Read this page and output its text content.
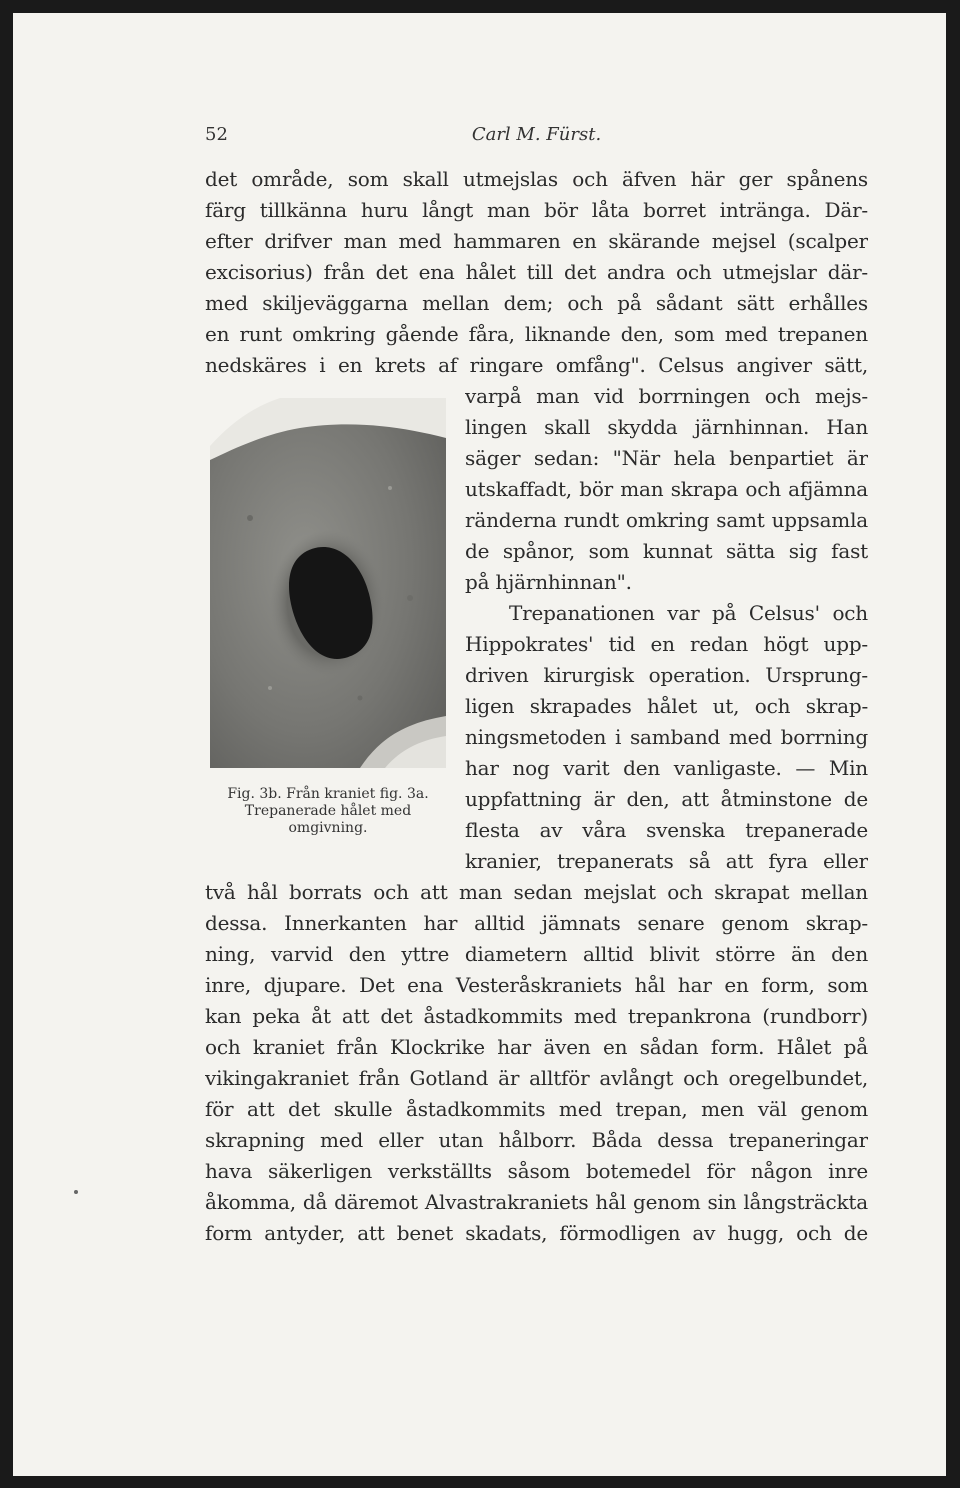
52	Carl M. Fürst.
det område, som skall utmejslas och äfven här ger spånens
färg tillkänna huru långt man bör låta borret intränga. Där-
efter drifver man med hammaren en skärande mejsel (scalper
excisorius) från det ena hålet till det andra och utmejslar där-
med skiljeväggarna mellan dem; och på sådant sätt erhålles
en runt omkring gående fåra, liknande den, som med trepanen
nedskäres i en krets af ringare omfång". Celsus angiver sätt,
Fig. 3b. Från kraniet fig. 3a.
Trepanerade hålet med
omgivning.
varpå man vid borrningen och mejs-
lingen skall skydda järnhinnan. Han
säger sedan: "När hela benpartiet är
utskaffadt, bör man skrapa och afjämna
ränderna rundt omkring samt uppsamla
de spånor, som kunnat sätta sig fast
på hjärnhinnan".
Trepanationen var på Celsus' och
Hippokrates' tid en redan högt upp-
driven kirurgisk operation. Ursprung-
ligen skrapades hålet ut, och skrap-
ningsmetoden i samband med borrning
har nog varit den vanligaste. — Min
uppfattning är den, att åtminstone de
flesta av våra svenska trepanerade
kranier, trepanerats så att fyra eller
två hål borrats och att man sedan mejslat och skrapat mellan
dessa. Innerkanten har alltid jämnats senare genom skrap-
ning, varvid den yttre diametern alltid blivit större än den
inre, djupare. Det ena Vesteråskraniets hål har en form, som
kan peka åt att det åstadkommits med trepankrona (rundborr)
och kraniet från Klockrike har även en sådan form. Hålet på
vikingakraniet från Gotland är alltför avlångt och oregelbundet,
för att det skulle åstadkommits med trepan, men väl genom
skrapning med eller utan hålborr. Båda dessa trepaneringar
hava säkerligen verkställts såsom botemedel för någon inre
åkomma, då däremot Alvastrakraniets hål genom sin långsträckta
form antyder, att benet skadats, förmodligen av hugg, och de
